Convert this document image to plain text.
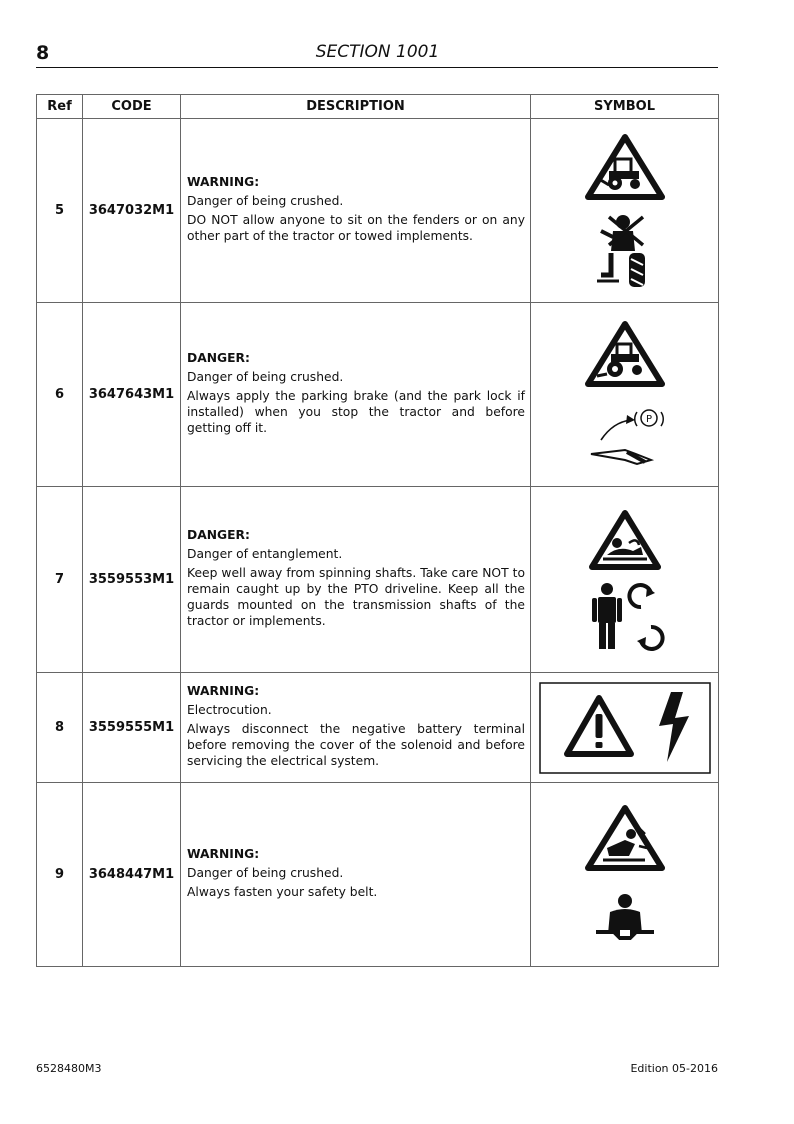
8	SECTION 1001
Ref	CODE	DESCRIPTION	SYMBOL
5	3647032M1	WARNING:
Danger of being crushed.
DO NOT allow anyone to sit on the fenders or on any other part of the tractor or towed implements.

6	3647643M1	DANGER:
Danger of being crushed.
Always apply the parking brake (and the park lock if installed) when you stop the tractor and before getting off it.	P

7	3559553M1	DANGER:
Danger of entanglement.
Keep well away from spinning shafts. Take care NOT to remain caught up by the PTO driveline. Keep all the guards mounted on the transmission shafts of the tractor or implements.

8	3559555M1	WARNING:
Electrocution.
Always disconnect the negative battery terminal before removing the cover of the solenoid and before servicing the electrical system.

9	3648447M1	WARNING:
Danger of being crushed.
Always fasten your safety belt.

6528480M3	Edition 05-2016
